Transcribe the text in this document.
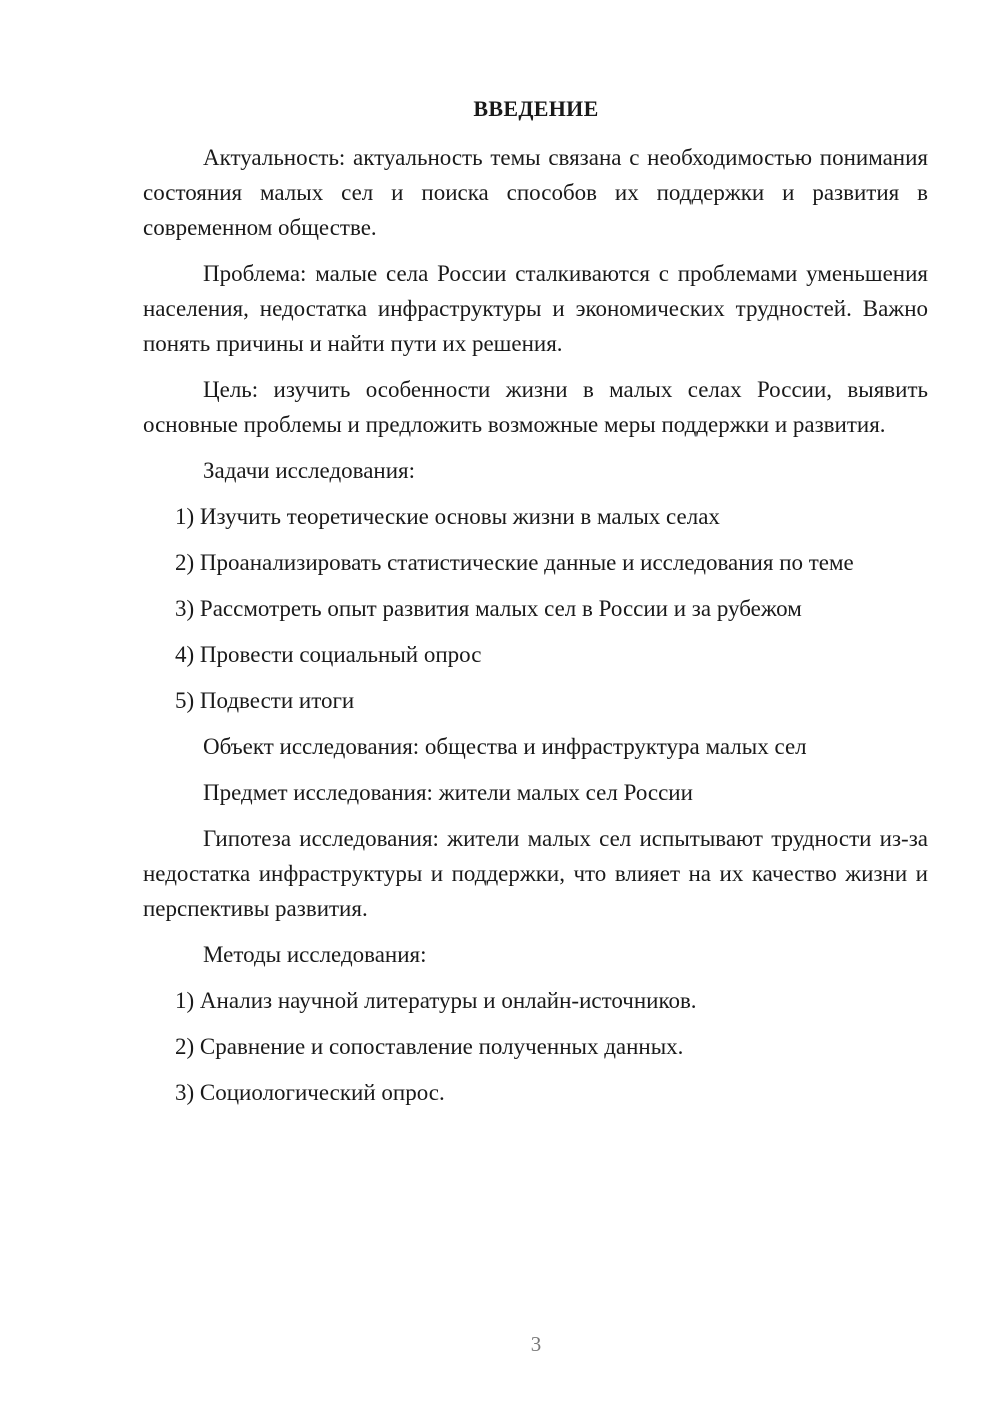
ВВЕДЕНИЕ

Актуальность: актуальность темы связана с необходимостью понимания состояния малых сел и поиска способов их поддержки и развития в современном обществе.

Проблема: малые села России сталкиваются с проблемами уменьшения населения, недостатка инфраструктуры и экономических трудностей. Важно понять причины и найти пути их решения.

Цель: изучить особенности жизни в малых селах России, выявить основные проблемы и предложить возможные меры поддержки и развития.

Задачи исследования:
1) Изучить теоретические основы жизни в малых селах
2) Проанализировать статистические данные и исследования по теме
3) Рассмотреть опыт развития малых сел в России и за рубежом
4) Провести социальный опрос
5) Подвести итоги
Объект исследования: общества и инфраструктура малых сел
Предмет исследования: жители малых сел России

Гипотеза исследования: жители малых сел испытывают трудности из-за недостатка инфраструктуры и поддержки, что влияет на их качество жизни и перспективы развития.

Методы исследования:
1) Анализ научной литературы и онлайн-источников.
2) Сравнение и сопоставление полученных данных.
3) Социологический опрос.
3
